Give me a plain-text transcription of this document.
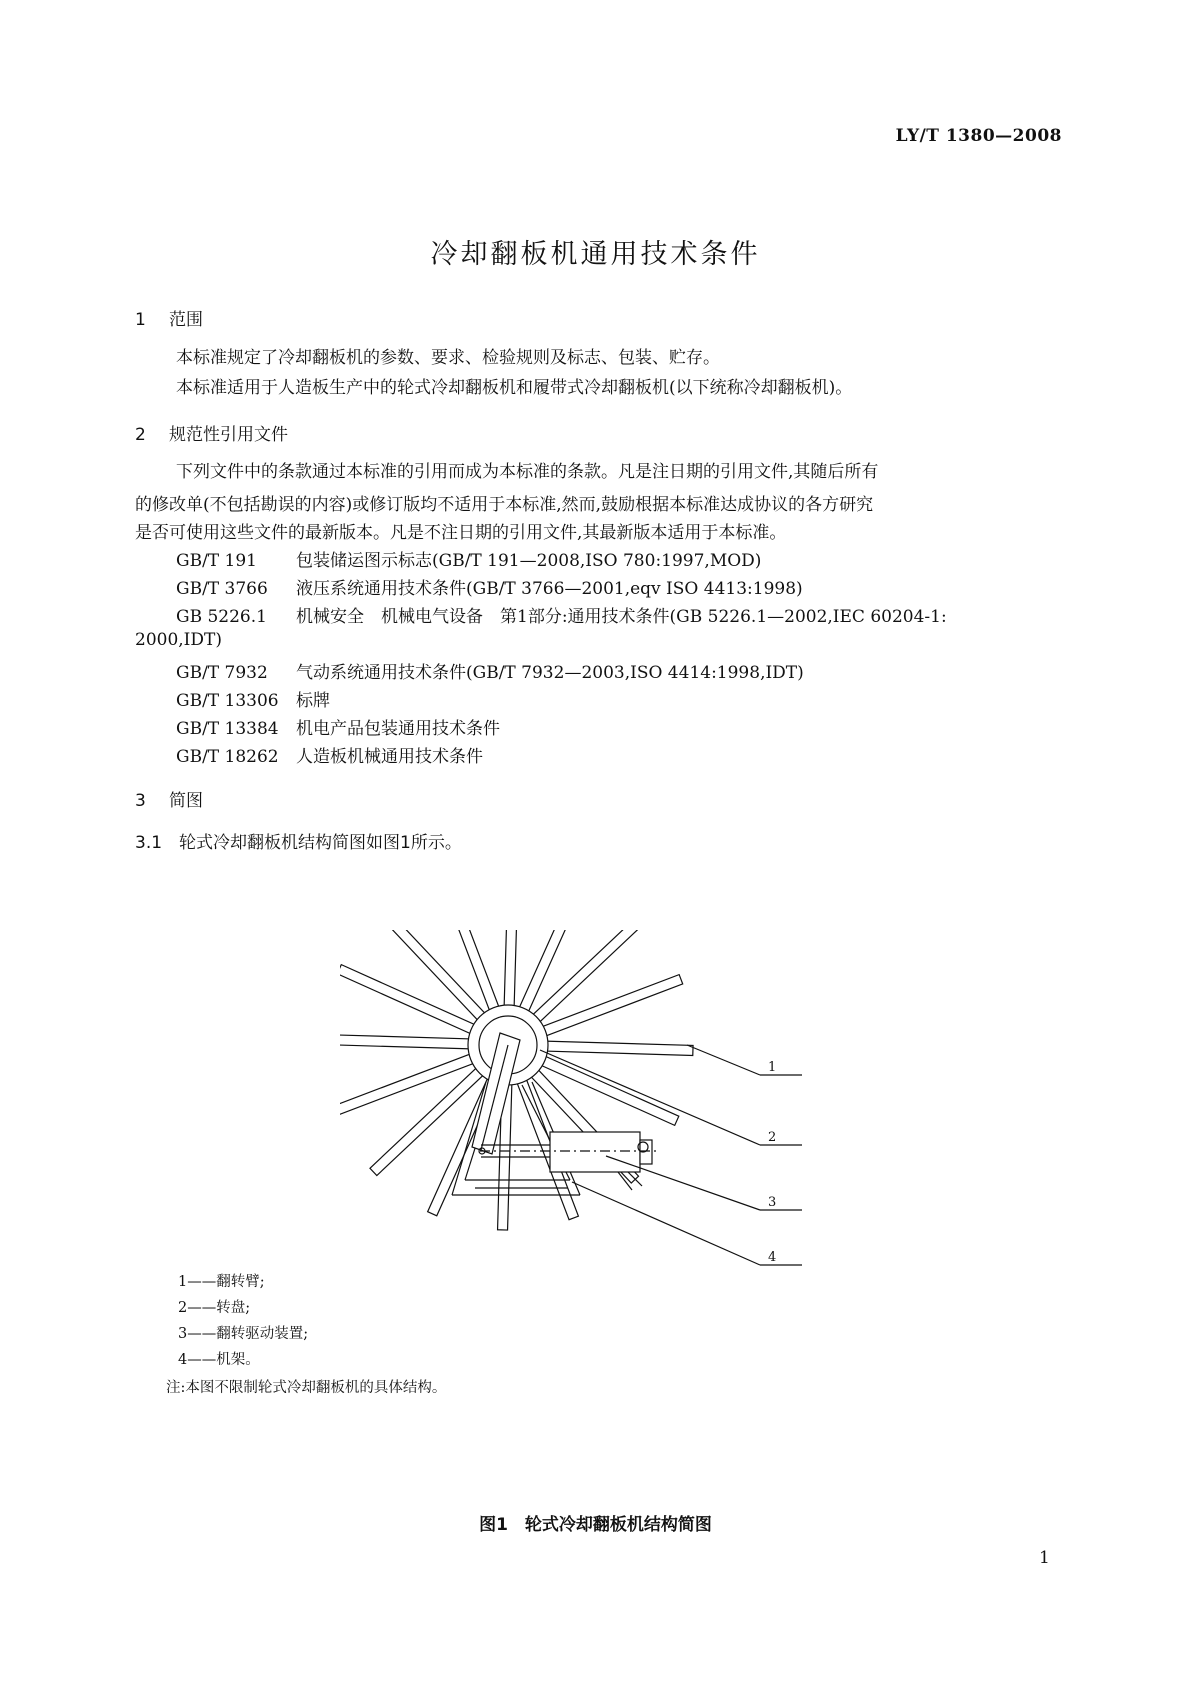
LY/T 1380—2008
冷却翻板机通用技术条件
1 范围
本标准规定了冷却翻板机的参数、要求、检验规则及标志、包装、贮存。
本标准适用于人造板生产中的轮式冷却翻板机和履带式冷却翻板机(以下统称冷却翻板机)。
2 规范性引用文件
下列文件中的条款通过本标准的引用而成为本标准的条款。凡是注日期的引用文件,其随后所有
的修改单(不包括勘误的内容)或修订版均不适用于本标准,然而,鼓励根据本标准达成协议的各方研究
是否可使用这些文件的最新版本。凡是不注日期的引用文件,其最新版本适用于本标准。
GB/T 191 包装储运图示标志(GB/T 191—2008,ISO 780:1997,MOD)
GB/T 3766 液压系统通用技术条件(GB/T 3766—2001,eqv ISO 4413:1998)
GB 5226.1 机械安全　机械电气设备　第1部分:通用技术条件(GB 5226.1—2002,IEC 60204-1:
2000,IDT)
GB/T 7932 气动系统通用技术条件(GB/T 7932—2003,ISO 4414:1998,IDT)
GB/T 13306 标牌
GB/T 13384 机电产品包装通用技术条件
GB/T 18262 人造板机械通用技术条件
3 简图
3.1　轮式冷却翻板机结构简图如图1所示。
1
2
3
4
1——翻转臂;
2——转盘;
3——翻转驱动装置;
4——机架。
注:本图不限制轮式冷却翻板机的具体结构。
图1　轮式冷却翻板机结构简图
1
